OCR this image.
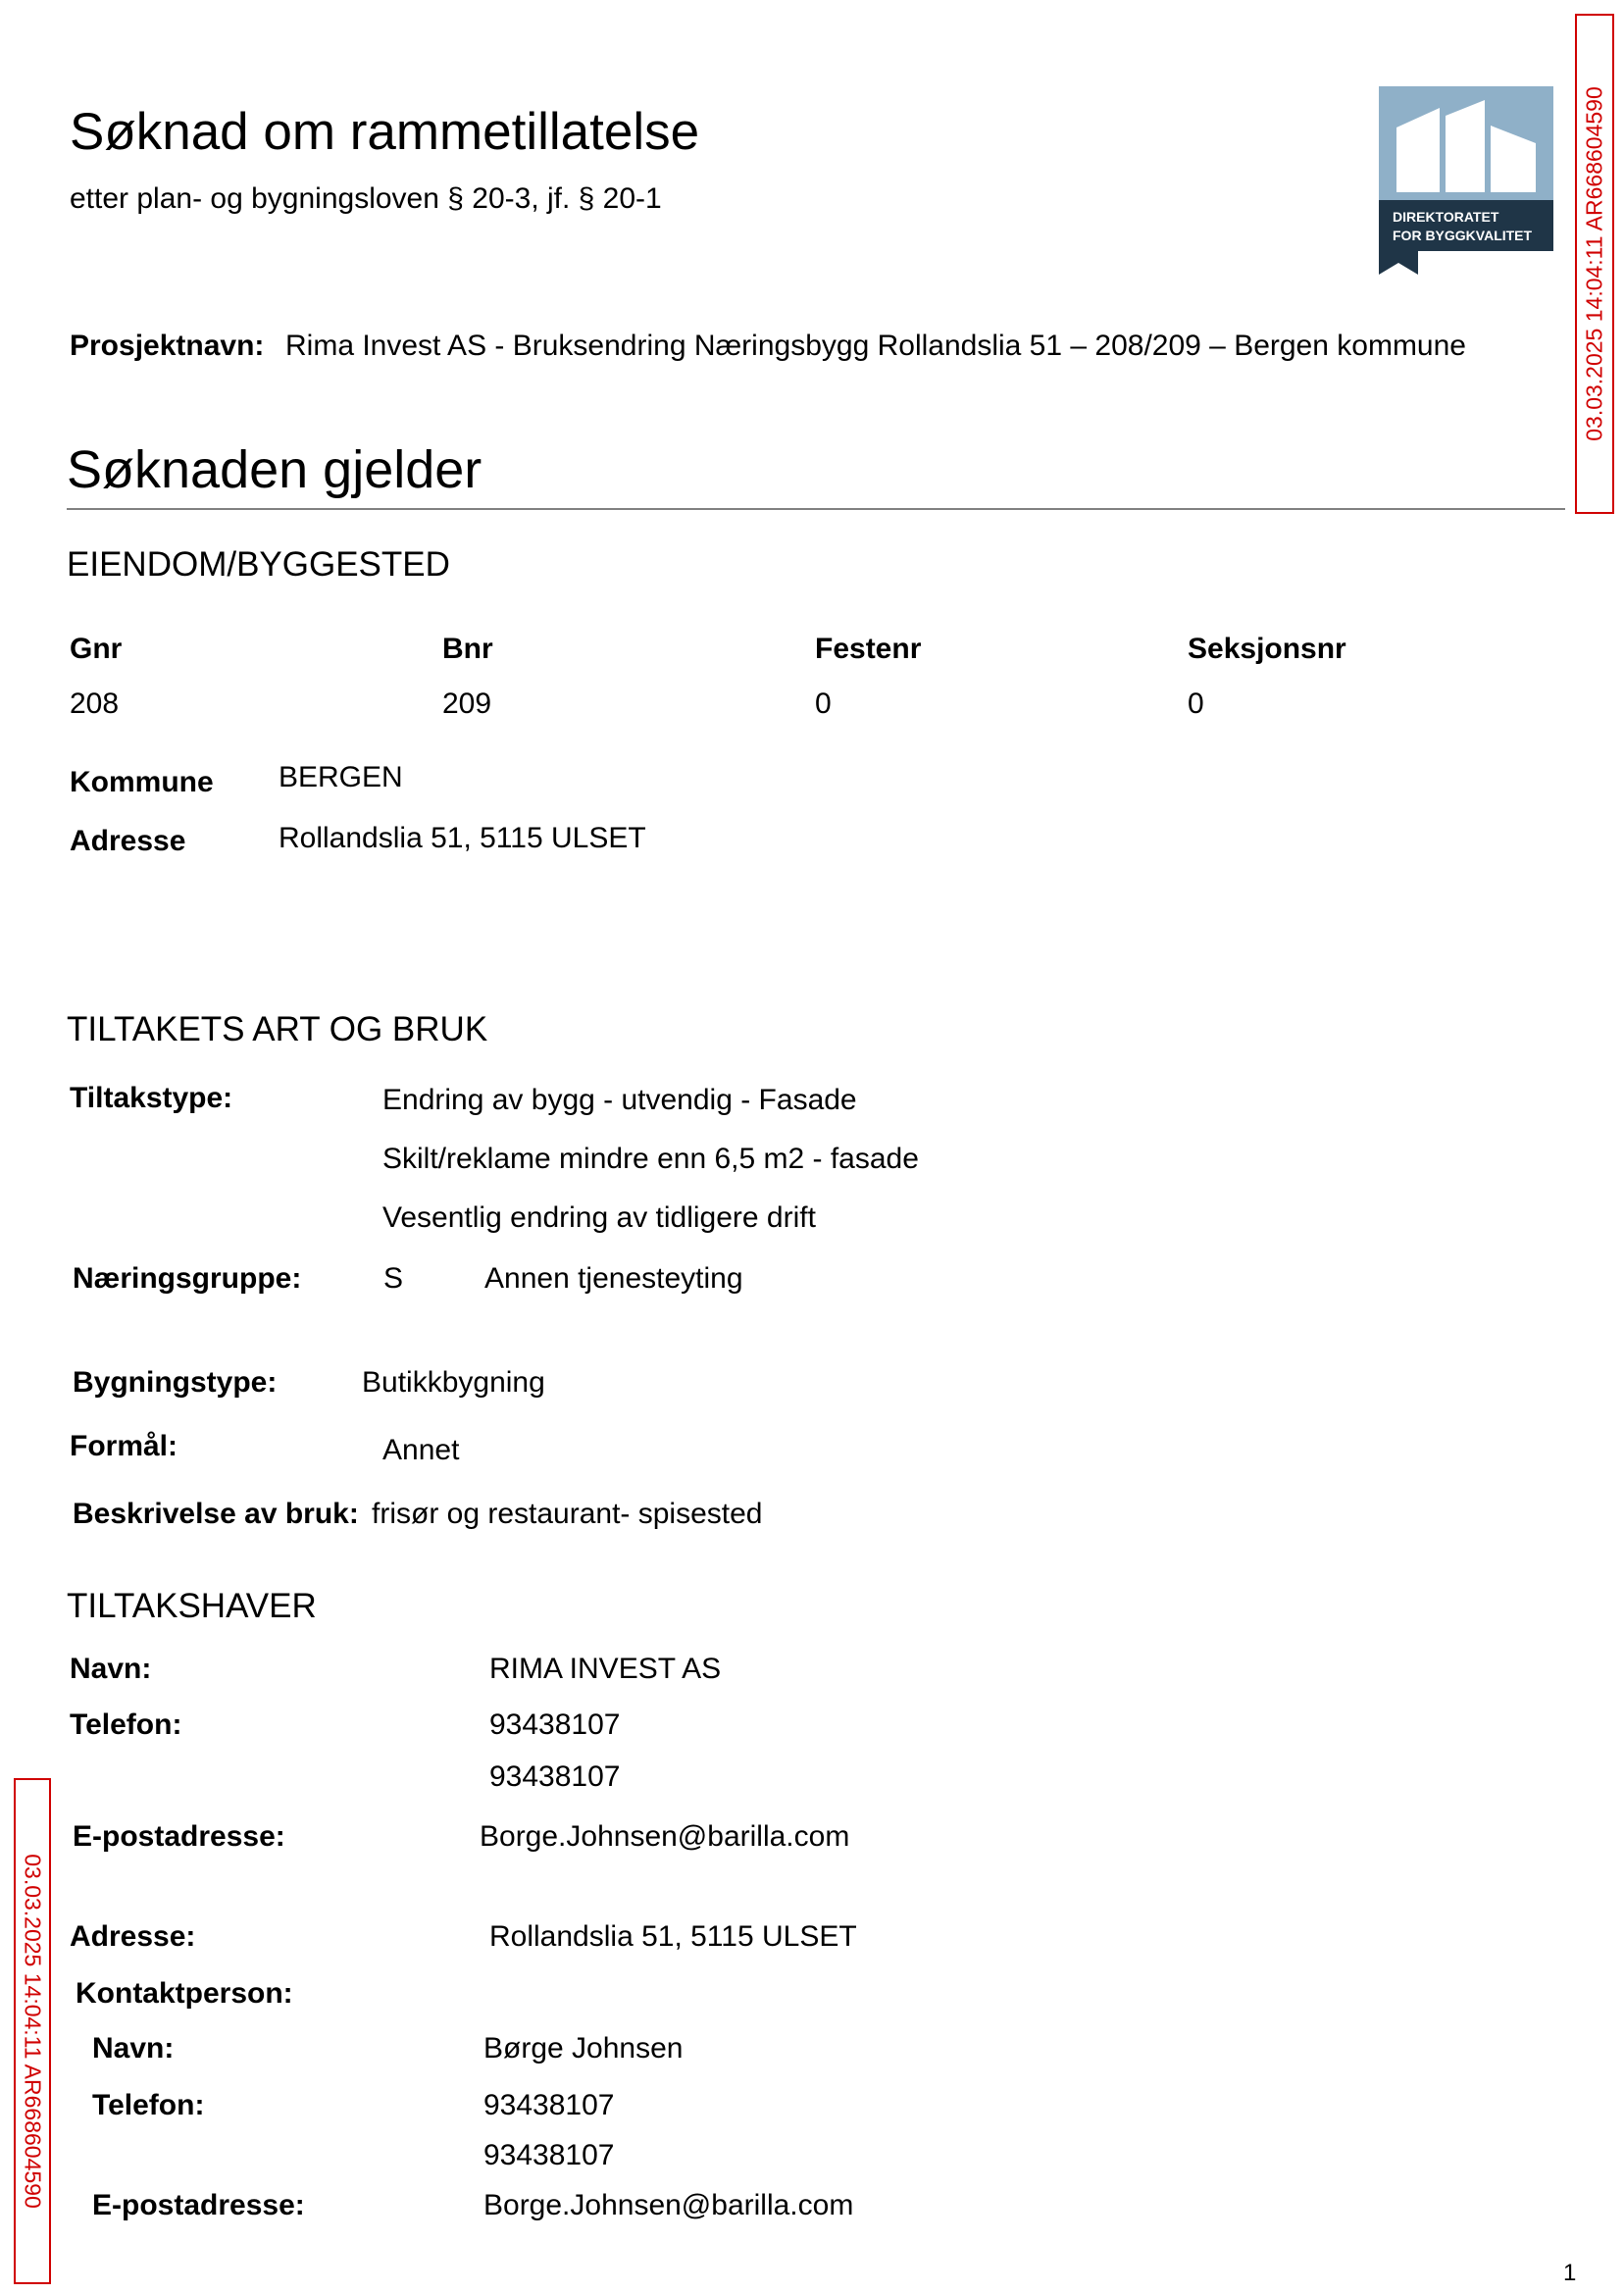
Søknad om rammetillatelse
etter plan- og bygningsloven § 20-3, jf. § 20-1
DIREKTORATET
FOR BYGGKVALITET 03.03.2025 14:04:11 AR668604590
03.03.2025 14:04:11 AR668604590
Prosjektnavn: Rima Invest AS - Bruksendring Næringsbygg Rollandslia 51 – 208/209 – Bergen kommune
Søknaden gjelder
EIENDOM/BYGGESTED
Gnr	Bnr	Festenr	Seksjonsnr
208	209	0	0
Kommune BERGEN
Adresse	Rollandslia 51, 5115 ULSET
TILTAKETS ART OG BRUK
Tiltakstype:	Endring av bygg - utvendig - Fasade
Skilt/reklame mindre enn 6,5 m2 - fasade
Vesentlig endring av tidligere drift
Næringsgruppe:	S	Annen tjenesteyting
Bygningstype:	Butikkbygning
Formål:	Annet
Beskrivelse av bruk: frisør og restaurant- spisested
TILTAKSHAVER
Navn:	RIMA INVEST AS
Telefon:	93438107
93438107
E-postadresse:	Borge.Johnsen@barilla.com
Adresse:	Rollandslia 51, 5115 ULSET
Kontaktperson:
Navn:	Børge Johnsen
Telefon:	93438107
93438107
E-postadresse:	Borge.Johnsen@barilla.com
1
